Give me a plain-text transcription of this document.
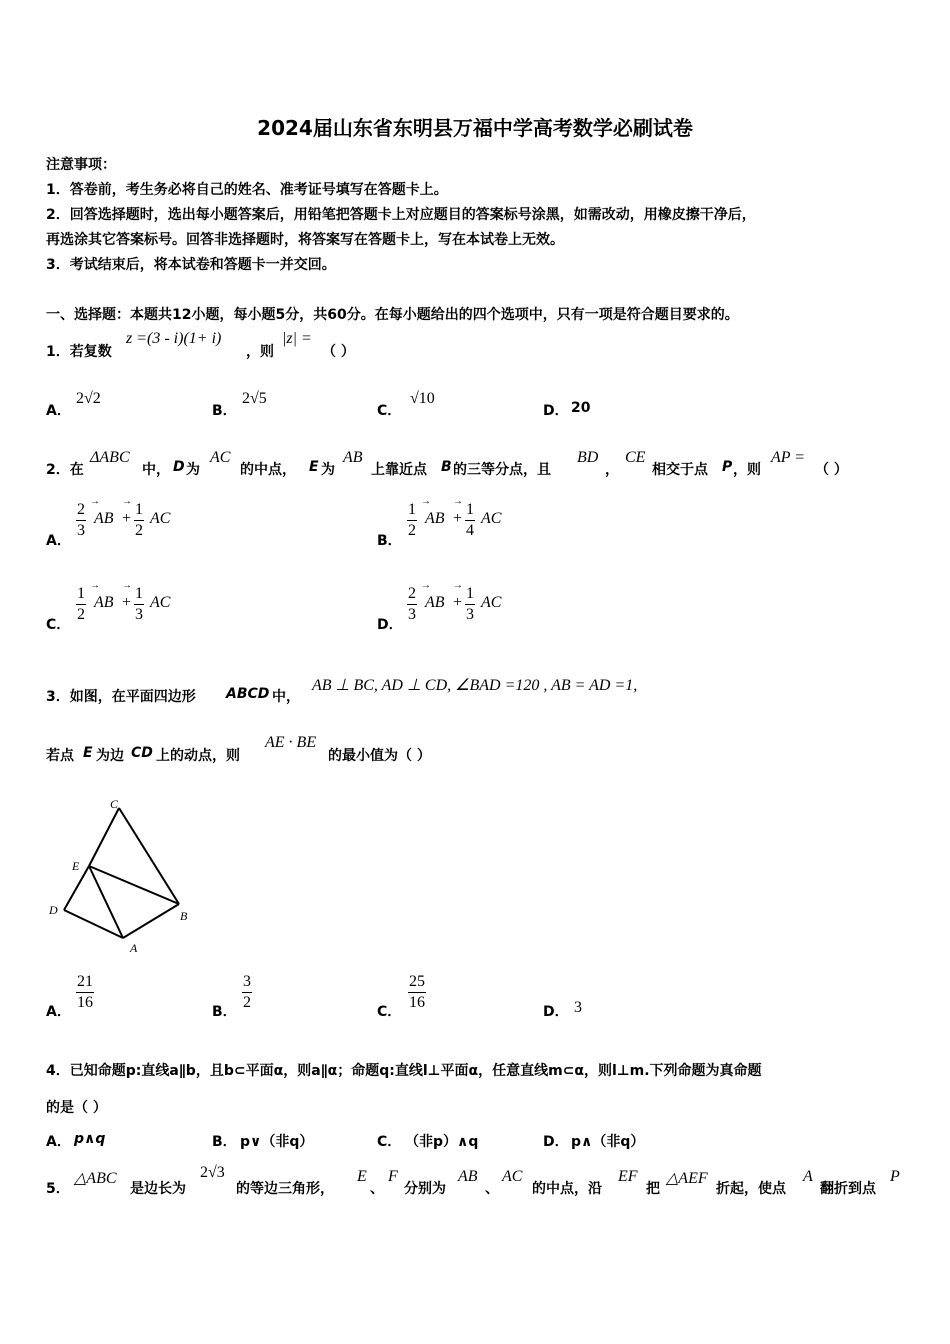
2024届山东省东明县万福中学高考数学必刷试卷
注意事项：
1．答卷前，考生务必将自己的姓名、准考证号填写在答题卡上。
2．回答选择题时，选出每小题答案后，用铅笔把答题卡上对应题目的答案标号涂黑，如需改动，用橡皮擦干净后，
再选涂其它答案标号。回答非选择题时，将答案写在答题卡上，写在本试卷上无效。
3．考试结束后，将本试卷和答题卡一并交回。
一、选择题：本题共12小题，每小题5分，共60分。在每小题给出的四个选项中，只有一项是符合题目要求的。
1．若复数
z =(3 - i)(1+ i)
，则
|z| =
（ ）
A．
2√2
B．
2√5
C．
√10
D． 20
2．在
ΔABC
中， D 为
AC
的中点， E 为
AB
上靠近点 B 的三等分点，且
BD
，
CE
相交于点 P ，则
AP =
（ ）
A． $\frac{2}{3}$ →
AB + $\frac{1}{2}$
→
AC
B． $\frac{1}{2}$ →
AB + $\frac{1}{4}$
→
AC
C． $\frac{1}{2}$ →
AB + $\frac{1}{3}$
→
AC
D． $\frac{2}{3}$ →
AB + $\frac{1}{3}$
→
AC
3．如图，在平面四边形 ABCD 中，
AB ⊥ BC, AD ⊥ CD, ∠BAD =120 , AB = AD =1,
若点 E 为边 CD 上的动点，则
AE · BE
的最小值为（ ）
C
E
D	B
A
A． $\frac{21}{16}$	B． $\frac{3}{2}$	C． $\frac{25}{16}$	D． 3
4．已知命题p:直线a∥b，且b⊂平面α，则a∥α；命题q:直线l⊥平面α，任意直线m⊂α，则l⊥m.下列命题为真命题
的是（ ）
A． p∧q	B． p∨（非q）	C． （非p）∧q	D． p∧（非q）
5．
△ABC
是边长为
2√3
的等边三角形，
E
、
F
分别为
AB
、
AC
的中点，沿
EF
把
△AEF
折起，使点
A
翻折到点
P
